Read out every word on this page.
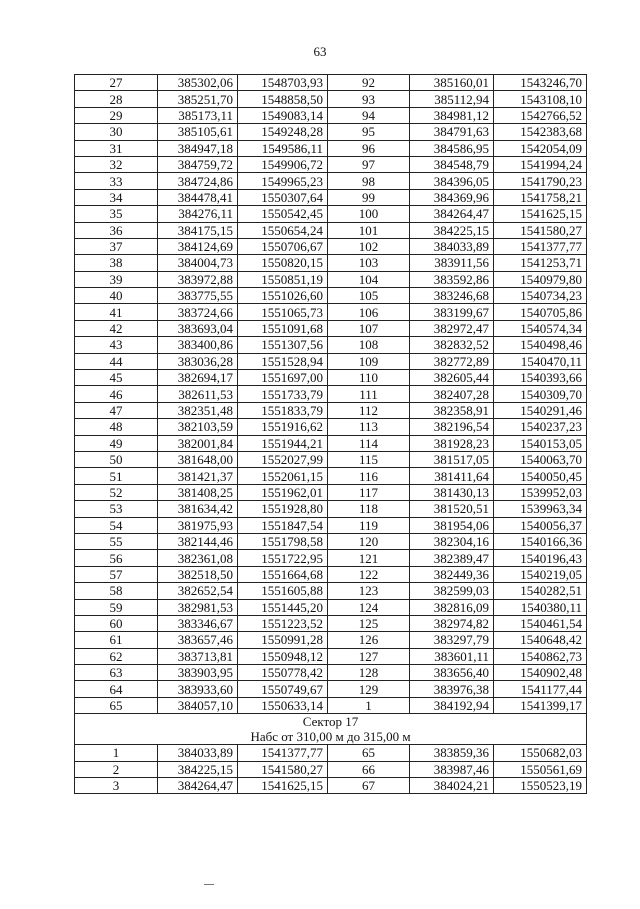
63
27	385302,06	1548703,93	92	385160,01	1543246,70
28	385251,70	1548858,50	93	385112,94	1543108,10
29	385173,11	1549083,14	94	384981,12	1542766,52
30	385105,61	1549248,28	95	384791,63	1542383,68
31	384947,18	1549586,11	96	384586,95	1542054,09
32	384759,72	1549906,72	97	384548,79	1541994,24
33	384724,86	1549965,23	98	384396,05	1541790,23
34	384478,41	1550307,64	99	384369,96	1541758,21
35	384276,11	1550542,45	100	384264,47	1541625,15
36	384175,15	1550654,24	101	384225,15	1541580,27
37	384124,69	1550706,67	102	384033,89	1541377,77
38	384004,73	1550820,15	103	383911,56	1541253,71
39	383972,88	1550851,19	104	383592,86	1540979,80
40	383775,55	1551026,60	105	383246,68	1540734,23
41	383724,66	1551065,73	106	383199,67	1540705,86
42	383693,04	1551091,68	107	382972,47	1540574,34
43	383400,86	1551307,56	108	382832,52	1540498,46
44	383036,28	1551528,94	109	382772,89	1540470,11
45	382694,17	1551697,00	110	382605,44	1540393,66
46	382611,53	1551733,79	111	382407,28	1540309,70
47	382351,48	1551833,79	112	382358,91	1540291,46
48	382103,59	1551916,62	113	382196,54	1540237,23
49	382001,84	1551944,21	114	381928,23	1540153,05
50	381648,00	1552027,99	115	381517,05	1540063,70
51	381421,37	1552061,15	116	381411,64	1540050,45
52	381408,25	1551962,01	117	381430,13	1539952,03
53	381634,42	1551928,80	118	381520,51	1539963,34
54	381975,93	1551847,54	119	381954,06	1540056,37
55	382144,46	1551798,58	120	382304,16	1540166,36
56	382361,08	1551722,95	121	382389,47	1540196,43
57	382518,50	1551664,68	122	382449,36	1540219,05
58	382652,54	1551605,88	123	382599,03	1540282,51
59	382981,53	1551445,20	124	382816,09	1540380,11
60	383346,67	1551223,52	125	382974,82	1540461,54
61	383657,46	1550991,28	126	383297,79	1540648,42
62	383713,81	1550948,12	127	383601,11	1540862,73
63	383903,95	1550778,42	128	383656,40	1540902,48
64	383933,60	1550749,67	129	383976,38	1541177,44
65	384057,10	1550633,14	1	384192,94	1541399,17

Сектор 17
Набс от 310,00 м до 315,00 м					

1	384033,89	1541377,77	65	383859,36	1550682,03
2	384225,15	1541580,27	66	383987,46	1550561,69
3	384264,47	1541625,15	67	384024,21	1550523,19
